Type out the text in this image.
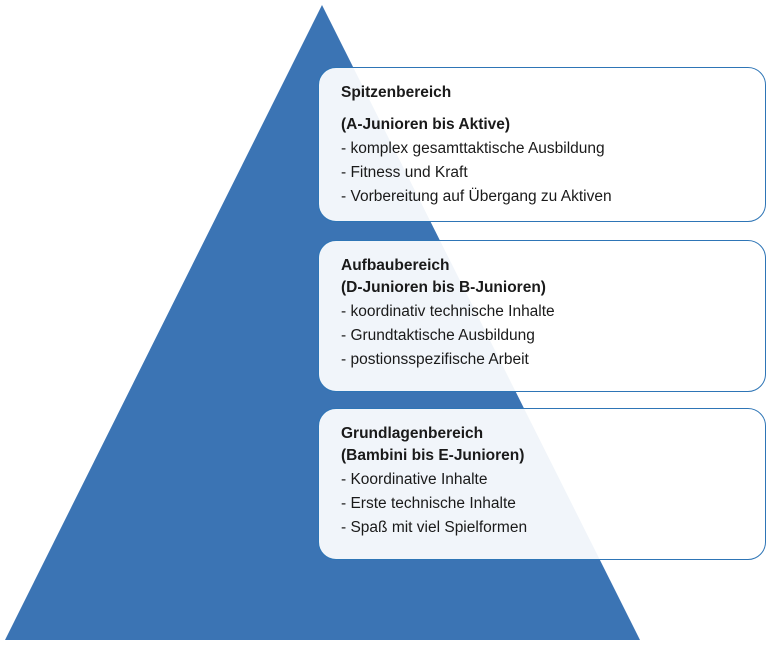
Spitzenbereich
(A-Junioren bis Aktive)
- komplex gesamttaktische Ausbildung
- Fitness und Kraft
- Vorbereitung auf Übergang zu Aktiven
Aufbaubereich
(D-Junioren bis B-Junioren)
- koordinativ technische Inhalte
- Grundtaktische Ausbildung
- postionsspezifische Arbeit
Grundlagenbereich
(Bambini bis E-Junioren)
- Koordinative Inhalte
- Erste technische Inhalte
- Spaß mit viel Spielformen
